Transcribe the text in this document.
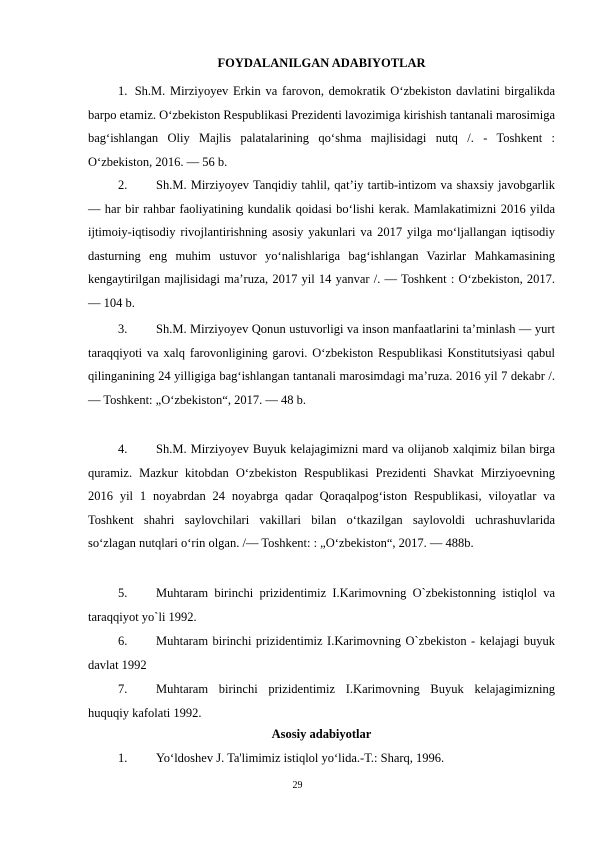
FOYDALANILGAN ADABIYOTLAR
1. Sh.M. Mirziyoyev Erkin va farovon, demokratik O‘zbekiston davlatini birgalikda barpo etamiz. O‘zbekiston Respublikasi Prezidenti lavozimiga kirishish tantanali marosimiga bag‘ishlangan Oliy Majlis palatalarining qo‘shma majlisidagi nutq /. - Toshkent : O‘zbekiston, 2016. — 56 b.
2. Sh.M. Mirziyoyev Tanqidiy tahlil, qat’iy tartib-intizom va shaxsiy javobgarlik — har bir rahbar faoliyatining kundalik qoidasi bo‘lishi kerak. Mamlakatimizni 2016 yilda ijtimoiy-iqtisodiy rivojlantirishning asosiy yakunlari va 2017 yilga mo‘ljallangan iqtisodiy dasturning eng muhim ustuvor yo‘nalishlariga bag‘ishlangan Vazirlar Mahkamasining kengaytirilgan majlisidagi ma’ruza, 2017 yil 14 yanvar /. — Toshkent : O‘zbekiston, 2017. — 104 b.
3. Sh.M. Mirziyoyev Qonun ustuvorligi va inson manfaatlarini ta’minlash — yurt taraqqiyoti va xalq farovonligining garovi. O‘zbekiston Respublikasi Konstitutsiyasi qabul qilinganining 24 yilligiga bag‘ishlangan tantanali marosimdagi ma’ruza. 2016 yil 7 dekabr /. — Toshkent: „O‘zbekiston“, 2017. — 48 b.
4. Sh.M. Mirziyoyev Buyuk kelajagimizni mard va olijanob xalqimiz bilan birga quramiz. Mazkur kitobdan O‘zbekiston Respublikasi Prezidenti Shavkat Mirziyoevning 2016 yil 1 noyabrdan 24 noyabrga qadar Qoraqalpog‘iston Respublikasi, viloyatlar va Toshkent shahri saylovchilari vakillari bilan o‘tkazilgan saylovoldi uchrashuvlarida so‘zlagan nutqlari o‘rin olgan. /— Toshkent: : „O‘zbekiston“, 2017. — 488b.
5. Muhtaram birinchi prizidentimiz I.Karimovning O`zbekistonning istiqlol va taraqqiyot yo`li 1992.
6. Muhtaram birinchi prizidentimiz I.Karimovning O`zbekiston - kelajagi buyuk davlat 1992
7. Muhtaram birinchi prizidentimiz I.Karimovning Buyuk kelajagimizning huquqiy kafolati 1992.
Asosiy adabiyotlar
1. Yo‘ldoshev J. Ta'limimiz istiqlol yo‘lida.-T.: Sharq, 1996.
29
